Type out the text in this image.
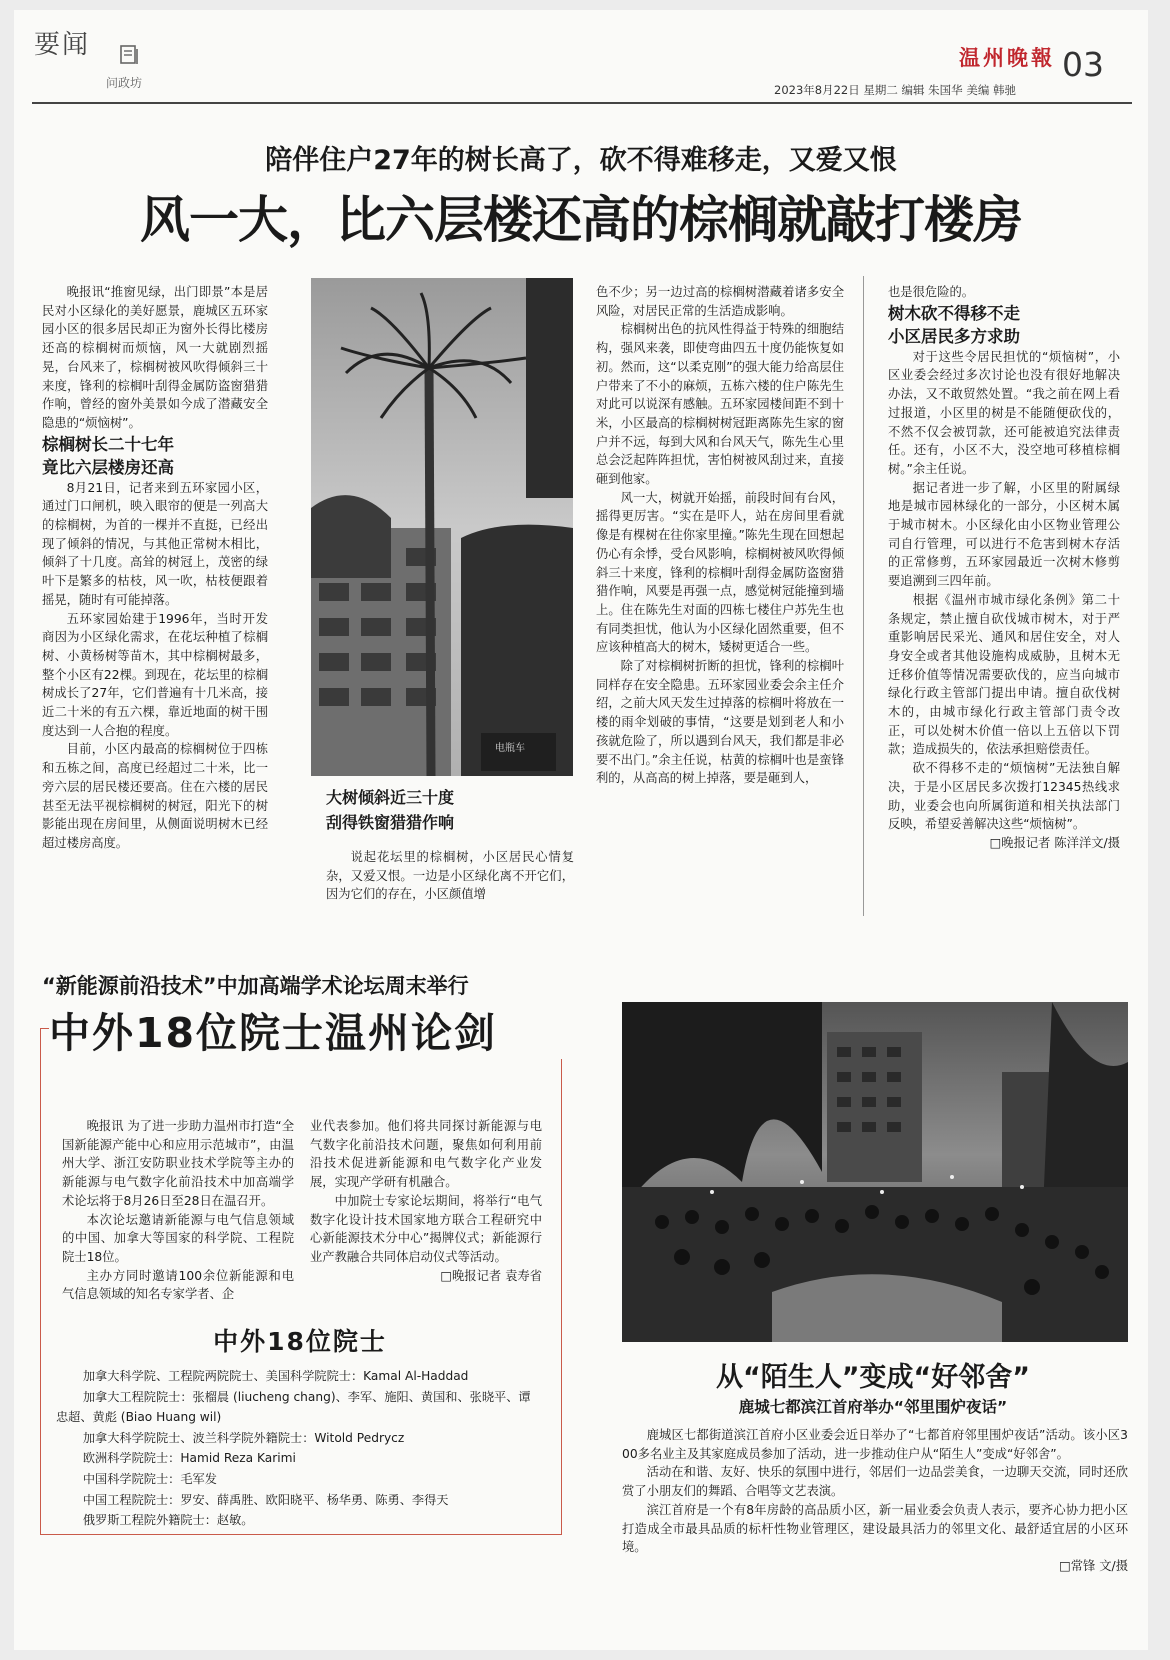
要闻
问政坊
温州晚報 03
2023年8月22日 星期二 编辑 朱国华 美编 韩驰
陪伴住户27年的树长高了，砍不得难移走，又爱又恨
风一大，比六层楼还高的棕榈就敲打楼房

晚报讯“推窗见绿，出门即景”本是居民对小区绿化的美好愿景，鹿城区五环家园小区的很多居民却正为窗外长得比楼房还高的棕榈树而烦恼，风一大就剧烈摇晃，台风来了，棕榈树被风吹得倾斜三十来度，锋利的棕榈叶刮得金属防盗窗猎猎作响，曾经的窗外美景如今成了潜藏安全隐患的“烦恼树”。

棕榈树长二十七年
竟比六层楼房还高

8月21日，记者来到五环家园小区，通过门口闸机，映入眼帘的便是一列高大的棕榈树，为首的一棵并不直挺，已经出现了倾斜的情况，与其他正常树木相比，倾斜了十几度。高耸的树冠上，茂密的绿叶下是繁多的枯枝，风一吹，枯枝便跟着摇晃，随时有可能掉落。

五环家园始建于1996年，当时开发商因为小区绿化需求，在花坛种植了棕榈树、小黄杨树等苗木，其中棕榈树最多，整个小区有22棵。到现在，花坛里的棕榈树成长了27年，它们普遍有十几米高，接近二十米的有五六棵，靠近地面的树干围度达到一人合抱的程度。

目前，小区内最高的棕榈树位于四栋和五栋之间，高度已经超过二十米，比一旁六层的居民楼还要高。住在六楼的居民甚至无法平视棕榈树的树冠，阳光下的树影能出现在房间里，从侧面说明树木已经超过楼房高度。

电瓶车
大树倾斜近三十度
刮得铁窗猎猎作响

说起花坛里的棕榈树，小区居民心情复杂，又爱又恨。一边是小区绿化离不开它们，因为它们的存在，小区颜值增

色不少；另一边过高的棕榈树潜藏着诸多安全风险，对居民正常的生活造成影响。

棕榈树出色的抗风性得益于特殊的细胞结构，强风来袭，即使弯曲四五十度仍能恢复如初。然而，这“以柔克刚”的强大能力给高层住户带来了不小的麻烦，五栋六楼的住户陈先生对此可以说深有感触。五环家园楼间距不到十米，小区最高的棕榈树树冠距离陈先生家的窗户并不远，每到大风和台风天气，陈先生心里总会泛起阵阵担忧，害怕树被风刮过来，直接砸到他家。

风一大，树就开始摇，前段时间有台风，摇得更厉害。“实在是吓人，站在房间里看就像是有棵树在往你家里撞。”陈先生现在回想起仍心有余悸，受台风影响，棕榈树被风吹得倾斜三十来度，锋利的棕榈叶刮得金属防盗窗猎猎作响，风要是再强一点，感觉树冠能撞到墙上。住在陈先生对面的四栋七楼住户苏先生也有同类担忧，他认为小区绿化固然重要，但不应该种植高大的树木，矮树更适合一些。

除了对棕榈树折断的担忧，锋利的棕榈叶同样存在安全隐患。五环家园业委会余主任介绍，之前大风天发生过掉落的棕榈叶将放在一楼的雨伞划破的事情，“这要是划到老人和小孩就危险了，所以遇到台风天，我们都是非必要不出门。”余主任说，枯黄的棕榈叶也是蛮锋利的，从高高的树上掉落，要是砸到人，

也是很危险的。

树木砍不得移不走
小区居民多方求助

对于这些令居民担忧的“烦恼树”，小区业委会经过多次讨论也没有很好地解决办法，又不敢贸然处置。“我之前在网上看过报道，小区里的树是不能随便砍伐的，不然不仅会被罚款，还可能被追究法律责任。还有，小区不大，没空地可移植棕榈树。”余主任说。

据记者进一步了解，小区里的附属绿地是城市园林绿化的一部分，小区树木属于城市树木。小区绿化由小区物业管理公司自行管理，可以进行不危害到树木存活的正常修剪，五环家园最近一次树木修剪要追溯到三四年前。

根据《温州市城市绿化条例》第二十条规定，禁止擅自砍伐城市树木，对于严重影响居民采光、通风和居住安全，对人身安全或者其他设施构成威胁，且树木无迁移价值等情况需要砍伐的，应当向城市绿化行政主管部门提出申请。擅自砍伐树木的，由城市绿化行政主管部门责令改正，可以处树木价值一倍以上五倍以下罚款；造成损失的，依法承担赔偿责任。

砍不得移不走的“烦恼树”无法独自解决，于是小区居民多次拨打12345热线求助，业委会也向所属街道和相关执法部门反映，希望妥善解决这些“烦恼树”。

□晚报记者 陈洋洋文/摄

“新能源前沿技术”中加高端学术论坛周末举行
中外18位院士温州论剑

晚报讯 为了进一步助力温州市打造“全国新能源产能中心和应用示范城市”，由温州大学、浙江安防职业技术学院等主办的新能源与电气数字化前沿技术中加高端学术论坛将于8月26日至28日在温召开。

本次论坛邀请新能源与电气信息领域的中国、加拿大等国家的科学院、工程院院士18位。

主办方同时邀请100余位新能源和电气信息领域的知名专家学者、企

业代表参加。他们将共同探讨新能源与电气数字化前沿技术问题，聚焦如何利用前沿技术促进新能源和电气数字化产业发展，实现产学研有机融合。

中加院士专家论坛期间，将举行“电气数字化设计技术国家地方联合工程研究中心新能源技术分中心”揭牌仪式；新能源行业产教融合共同体启动仪式等活动。

□晚报记者 袁寿省

中外18位院士
加拿大科学院、工程院两院院士、美国科学院院士：Kamal Al-Haddad
加拿大工程院院士：张榴晨 (liucheng chang)、李军、施阳、黄国和、张晓平、谭忠超、黄彪 (Biao Huang wil)
加拿大科学院院士、波兰科学院外籍院士：Witold Pedrycz
欧洲科学院院士：Hamid Reza Karimi
中国科学院院士：毛军发
中国工程院院士：罗安、薛禹胜、欧阳晓平、杨华勇、陈勇、李得天
俄罗斯工程院外籍院士：赵敏。
从“陌生人”变成“好邻舍”
鹿城七都滨江首府举办“邻里围炉夜话”

鹿城区七都街道滨江首府小区业委会近日举办了“七都首府邻里围炉夜话”活动。该小区300多名业主及其家庭成员参加了活动，进一步推动住户从“陌生人”变成“好邻舍”。

活动在和谐、友好、快乐的氛围中进行，邻居们一边品尝美食，一边聊天交流，同时还欣赏了小朋友们的舞蹈、合唱等文艺表演。

滨江首府是一个有8年房龄的高品质小区，新一届业委会负责人表示，要齐心协力把小区打造成全市最具品质的标杆性物业管理区，建设最具活力的邻里文化、最舒适宜居的小区环境。

□常锋 文/摄
